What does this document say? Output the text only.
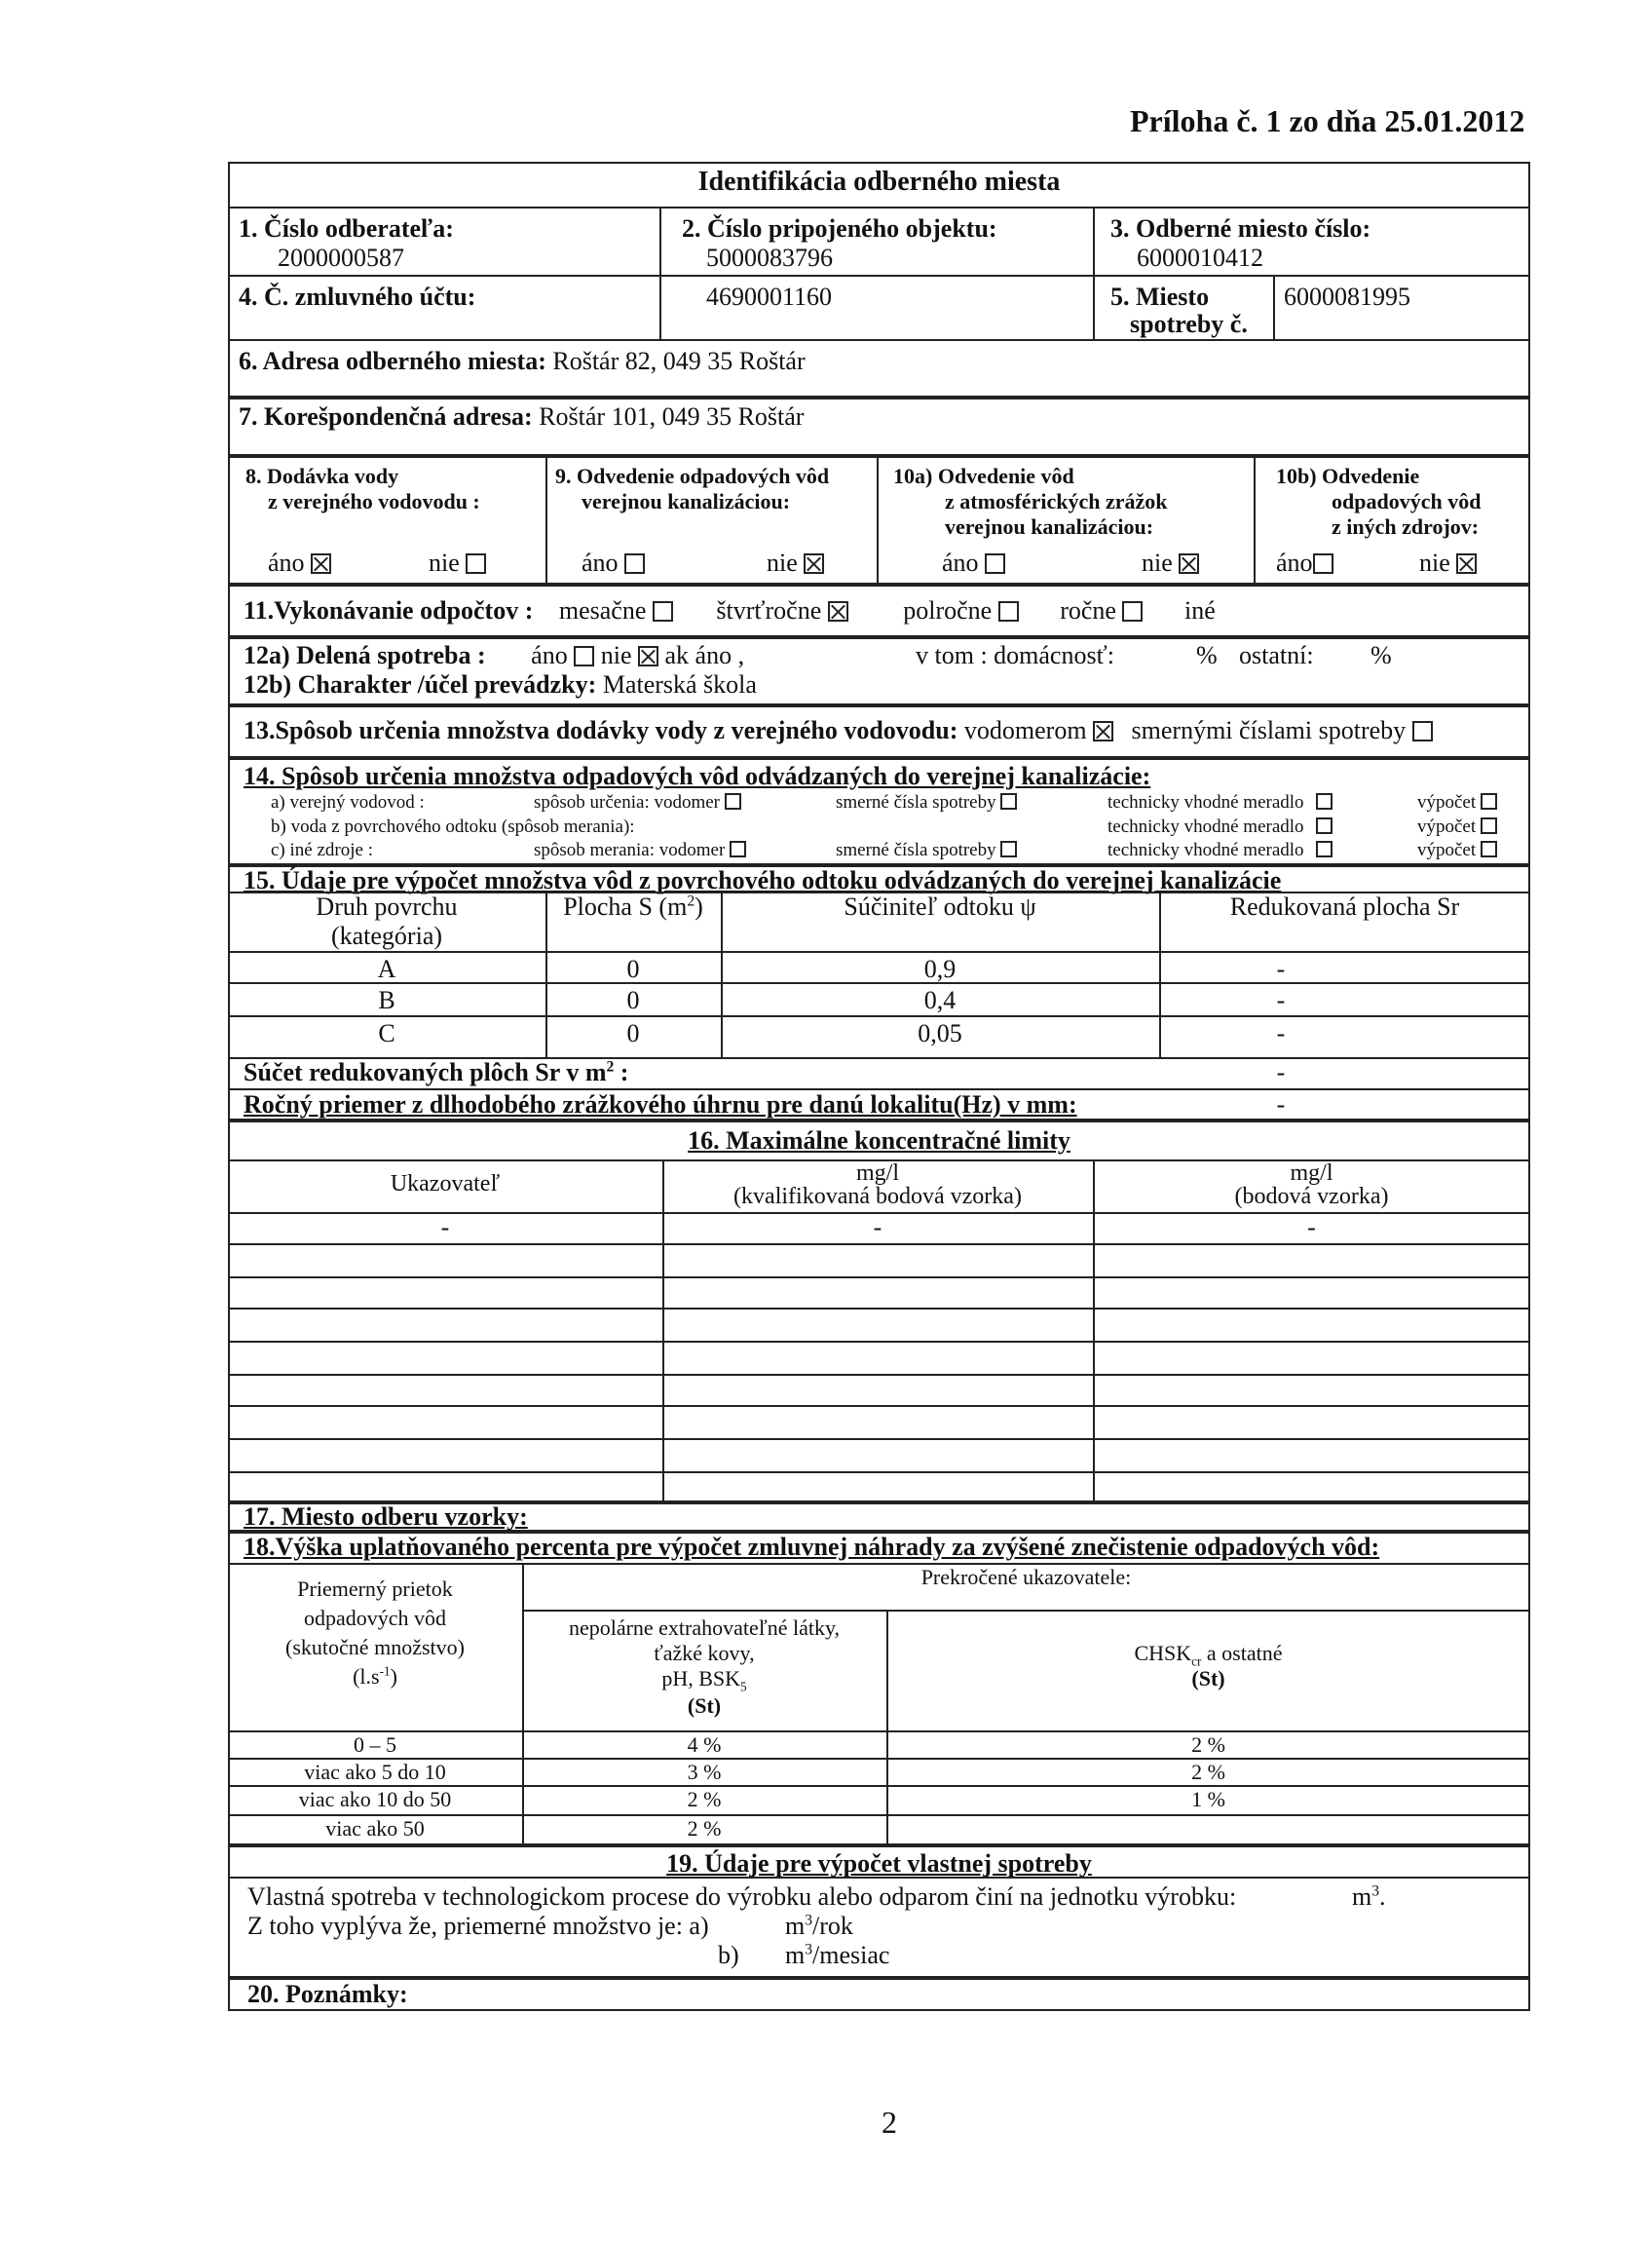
Príloha č. 1 zo dňa 25.01.2012
Identifikácia odberného miesta
1. Číslo odberateľa:
2000000587
2. Číslo pripojeného objektu:
5000083796
3. Odberné miesto číslo:
6000010412
4. Č. zmluvného účtu:	4690001160	5. Miesto
spotreby č.
6000081995
6. Adresa odberného miesta: Roštár 82, 049 35 Roštár
7. Korešpondenčná adresa: Roštár 101, 049 35 Roštár
8. Dodávka vody
z verejného vodovodu :
áno	nie
9. Odvedenie odpadových vôd
verejnou kanalizáciou:
áno	nie
10a) Odvedenie vôd
z atmosférických zrážok
verejnou kanalizáciou:
áno	nie
10b) Odvedenie
odpadových vôd
z iných zdrojov:
áno	nie
11.Vykonávanie odpočtov : mesačne	štvrťročne	polročne	ročne	iné
12a) Delená spotreba : áno nie ak áno ,	v tom : domácnosť:	% ostatní: %
12b) Charakter /účel prevádzky: Materská škola
13.Spôsob určenia množstva dodávky vody z verejného vodovodu: vodomerom smernými číslami spotreby
14. Spôsob určenia množstva odpadových vôd odvádzaných do verejnej kanalizácie:
a) verejný vodovod :	spôsob určenia: vodomer	smerné čísla spotreby	technicky vhodné meradlo	výpočet
b) voda z povrchového odtoku (spôsob merania):	technicky vhodné meradlo	výpočet
c) iné zdroje :	spôsob merania: vodomer	smerné čísla spotreby	technicky vhodné meradlo	výpočet
15. Údaje pre výpočet množstva vôd z povrchového odtoku odvádzaných do verejnej kanalizácie
Druh povrchu
(kategória)
Plocha S $(m^2)$	Súčiniteľ odtoku ψ	Redukovaná plocha Sr
A	0	0,9	-
B	0	0,4	-
C	0	0,05	-
Súčet redukovaných plôch Sr v $m^2$ :	-
Ročný priemer z dlhodobého zrážkového úhrnu pre danú lokalitu(Hz) v mm:	-
16. Maximálne koncentračné limity
Ukazovateľ	mg/l
(kvalifikovaná bodová vzorka)
mg/l
(bodová vzorka)
-	-	-
17. Miesto odberu vzorky:
18.Výška uplatňovaného percenta pre výpočet zmluvnej náhrady za zvýšené znečistenie odpadových vôd:
Prekročené ukazovatele:
Priemerný prietok
odpadových vôd
(skutočné množstvo)
$(l.s^{-1})$
nepolárne extrahovateľné látky,
ťažké kovy,
pH, $BSK_5$
(St)
$CHSK_{cr}$ a ostatné
(St)
0 – 5	4 %	2 %
viac ako 5 do 10	3 %	2 %
viac ako 10 do 50	2 %	1 %
viac ako 50	2 %
19. Údaje pre výpočet vlastnej spotreby
Vlastná spotreba v technologickom procese do výrobku alebo odparom činí na jednotku výrobku:	$m^3$.
Z toho vyplýva že, priemerné množstvo je: a)	$m^3$/rok
b) $m^3$/mesiac
20. Poznámky:
2
